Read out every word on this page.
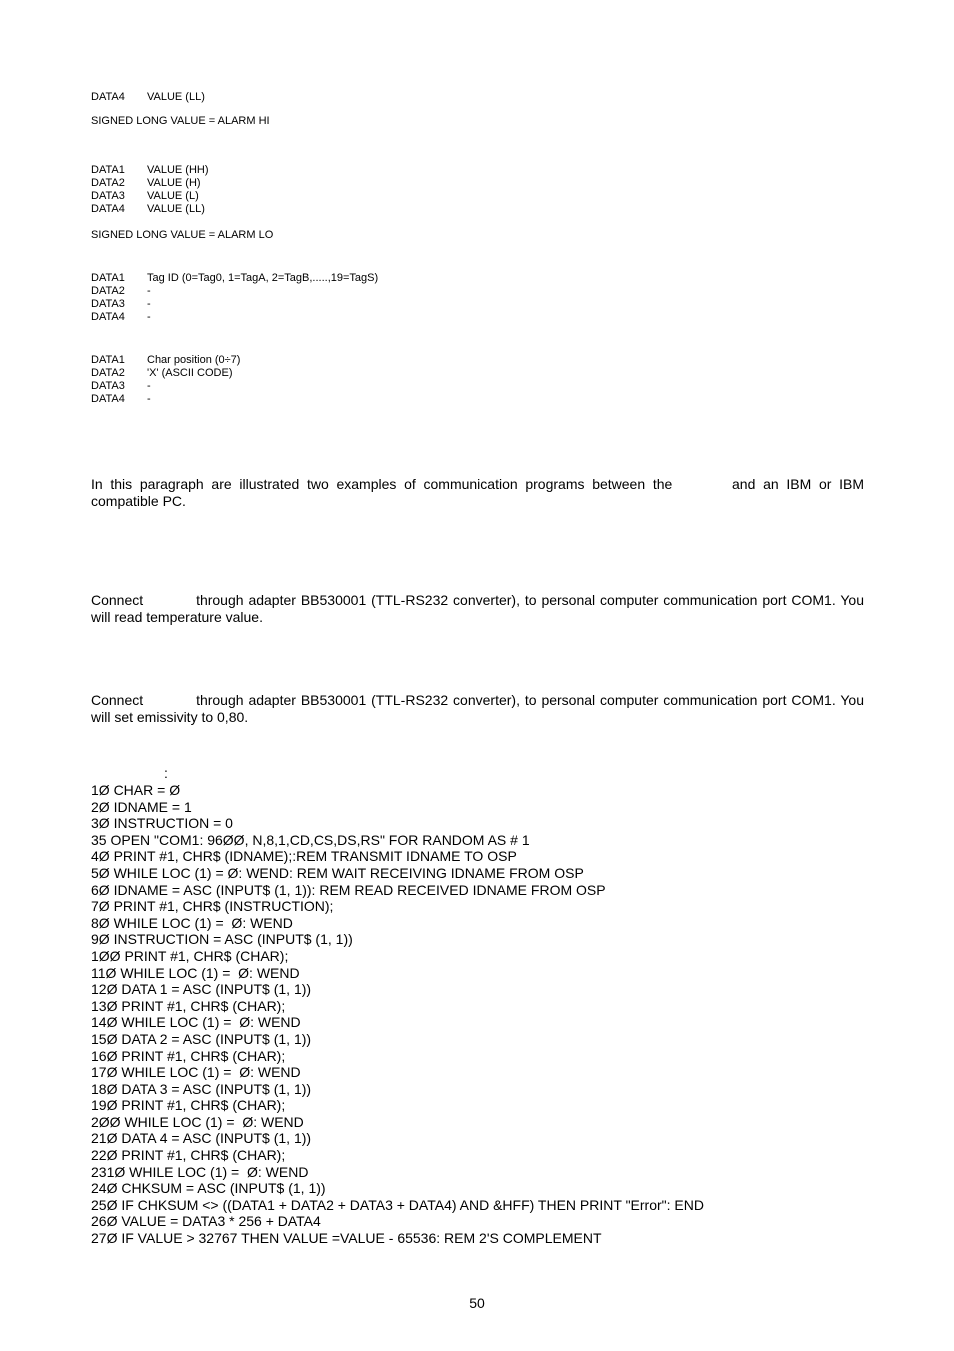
DATA4 VALUE (LL)
SIGNED LONG VALUE = ALARM HI
DATA1 VALUE (HH)
DATA2 VALUE (H)
DATA3 VALUE (L)
DATA4 VALUE (LL)
SIGNED LONG VALUE = ALARM LO
DATA1 Tag ID (0=Tag0, 1=TagA, 2=TagB,.....,19=TagS)
DATA2 -
DATA3 -
DATA4 -
DATA1 Char position (0÷7)
DATA2 'X' (ASCII CODE)
DATA3 -
DATA4 -
In this paragraph are illustrated two examples of communication programs between the	and an IBM or IBM compatible PC.
Connect	through adapter BB530001 (TTL-RS232 converter), to personal computer communication port COM1. You will read temperature value.
Connect	through adapter BB530001 (TTL-RS232 converter), to personal computer communication port COM1. You will set emissivity to 0,80.
:
1Ø CHAR = Ø
2Ø IDNAME = 1
3Ø INSTRUCTION = 0
35 OPEN "COM1: 96ØØ, N,8,1,CD,CS,DS,RS" FOR RANDOM AS # 1
4Ø PRINT #1, CHR$ (IDNAME);:REM TRANSMIT IDNAME TO OSP
5Ø WHILE LOC (1) = Ø: WEND: REM WAIT RECEIVING IDNAME FROM OSP
6Ø IDNAME = ASC (INPUT$ (1, 1)): REM READ RECEIVED IDNAME FROM OSP
7Ø PRINT #1, CHR$ (INSTRUCTION);
8Ø WHILE LOC (1) =  Ø: WEND
9Ø INSTRUCTION = ASC (INPUT$ (1, 1))
1ØØ PRINT #1, CHR$ (CHAR);
11Ø WHILE LOC (1) =  Ø: WEND
12Ø DATA 1 = ASC (INPUT$ (1, 1))
13Ø PRINT #1, CHR$ (CHAR);
14Ø WHILE LOC (1) =  Ø: WEND
15Ø DATA 2 = ASC (INPUT$ (1, 1))
16Ø PRINT #1, CHR$ (CHAR);
17Ø WHILE LOC (1) =  Ø: WEND
18Ø DATA 3 = ASC (INPUT$ (1, 1))
19Ø PRINT #1, CHR$ (CHAR);
2ØØ WHILE LOC (1) =  Ø: WEND
21Ø DATA 4 = ASC (INPUT$ (1, 1))
22Ø PRINT #1, CHR$ (CHAR);
231Ø WHILE LOC (1) =  Ø: WEND
24Ø CHKSUM = ASC (INPUT$ (1, 1))
25Ø IF CHKSUM <> ((DATA1 + DATA2 + DATA3 + DATA4) AND &HFF) THEN PRINT "Error": END
26Ø VALUE = DATA3 * 256 + DATA4
27Ø IF VALUE > 32767 THEN VALUE =VALUE - 65536: REM 2'S COMPLEMENT
50
